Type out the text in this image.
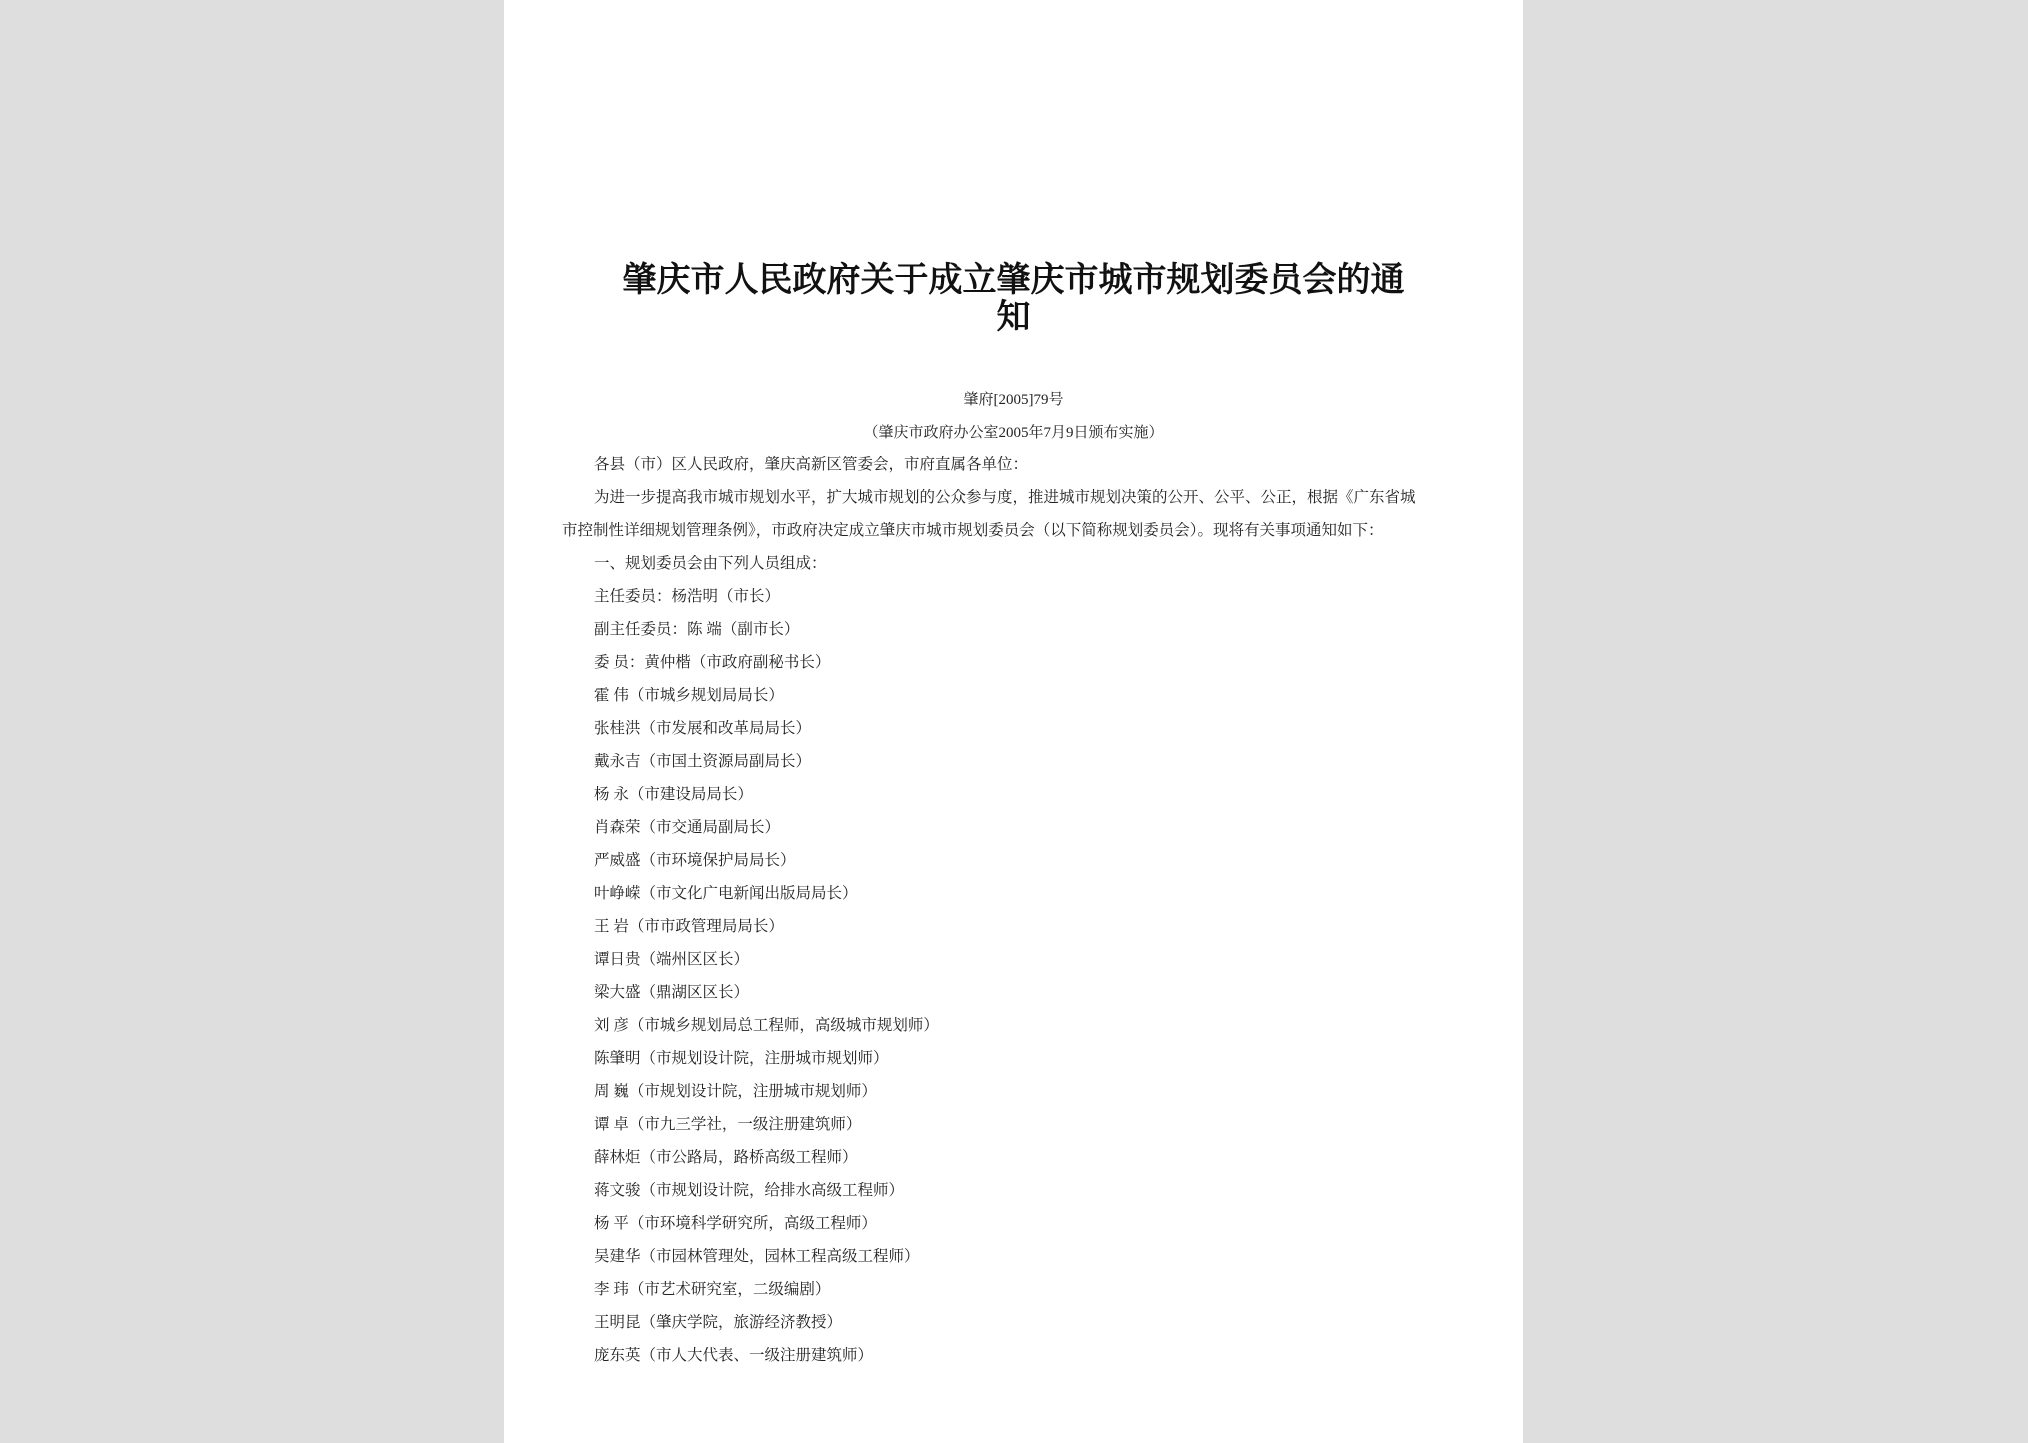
肇庆市人民政府关于成立肇庆市城市规划委员会的通
知
肇府[2005]79号
（肇庆市政府办公室2005年7月9日颁布实施）
各县（市）区人民政府，肇庆高新区管委会，市府直属各单位：
为进一步提高我市城市规划水平，扩大城市规划的公众参与度，推进城市规划决策的公开、公平、公正，根据《广东省城
市控制性详细规划管理条例》，市政府决定成立肇庆市城市规划委员会（以下简称规划委员会）。现将有关事项通知如下：
一、规划委员会由下列人员组成：
主任委员：杨浩明（市长）
副主任委员：陈 端（副市长）
委 员：黄仲楷（市政府副秘书长）
霍 伟（市城乡规划局局长）
张桂洪（市发展和改革局局长）
戴永吉（市国土资源局副局长）
杨 永（市建设局局长）
肖森荣（市交通局副局长）
严威盛（市环境保护局局长）
叶峥嵘（市文化广电新闻出版局局长）
王 岩（市市政管理局局长）
谭日贵（端州区区长）
梁大盛（鼎湖区区长）
刘 彦（市城乡规划局总工程师，高级城市规划师）
陈肇明（市规划设计院，注册城市规划师）
周 巍（市规划设计院，注册城市规划师）
谭 卓（市九三学社，一级注册建筑师）
薛林炬（市公路局，路桥高级工程师）
蒋文骏（市规划设计院，给排水高级工程师）
杨 平（市环境科学研究所，高级工程师）
吴建华（市园林管理处，园林工程高级工程师）
李 玮（市艺术研究室，二级编剧）
王明昆（肇庆学院，旅游经济教授）
庞东英（市人大代表、一级注册建筑师）
